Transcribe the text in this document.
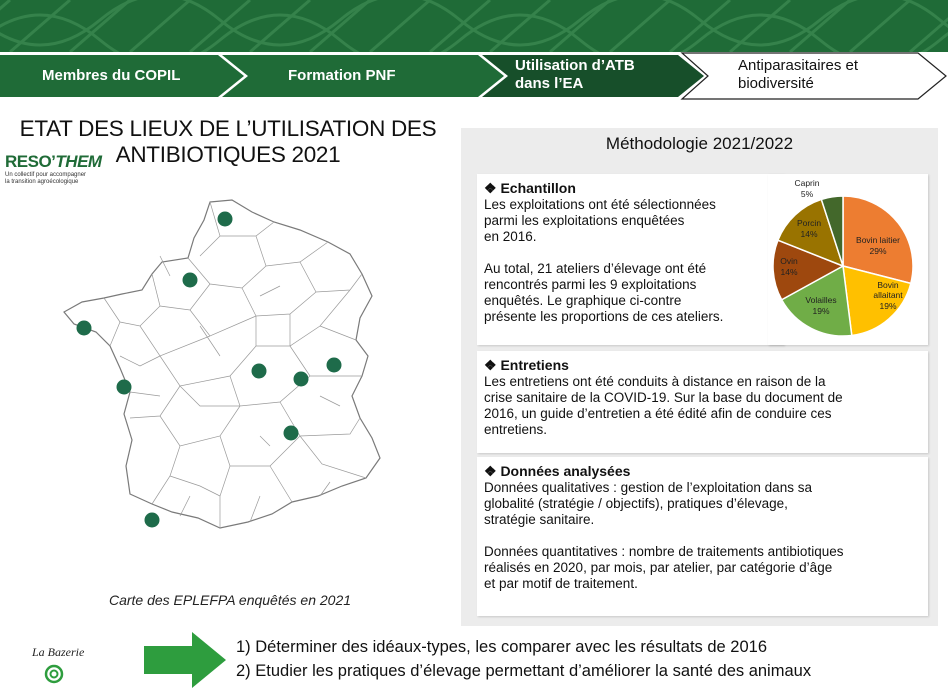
Membres du COPIL	Formation PNF
Utilisation d’ATB
dans l’EA
Antiparasitaires et
biodiversité
ETAT DES LIEUX DE L’UTILISATION DES
ANTIBIOTIQUES 2021
RESO’THEM
Un collectif pour accompagner
la transition agroécologique
Carte des EPLEFPA enquêtés en 2021
Méthodologie 2021/2022
❖ Echantillon

Les exploitations ont été sélectionnées

parmi les exploitations enquêtées

en 2016.

Au total, 21 ateliers d’élevage ont été

rencontrés parmi les 9 exploitations

enquêtés. Le graphique ci-contre

présente les proportions de ces ateliers.

Bovin laitier
29%
Bovin
allaitant
19%
Volailles
19%
Ovin
14%
Porcin
14%
Caprin
5%
❖ Entretiens

Les entretiens ont été conduits à distance en raison de la

crise sanitaire de la COVID-19. Sur la base du document de

2016, un guide d’entretien a été édité afin de conduire ces

entretiens.

❖ Données analysées

Données qualitatives : gestion de l’exploitation dans sa

globalité (stratégie / objectifs), pratiques d’élevage,

stratégie sanitaire.

Données quantitatives : nombre de traitements antibiotiques

réalisés en 2020, par mois, par atelier, par catégorie d’âge

et par motif de traitement.

La Bazerie	1) Déterminer des idéaux-types, les comparer avec les résultats de 2016
2) Etudier les pratiques d’élevage permettant d’améliorer la santé des animaux
